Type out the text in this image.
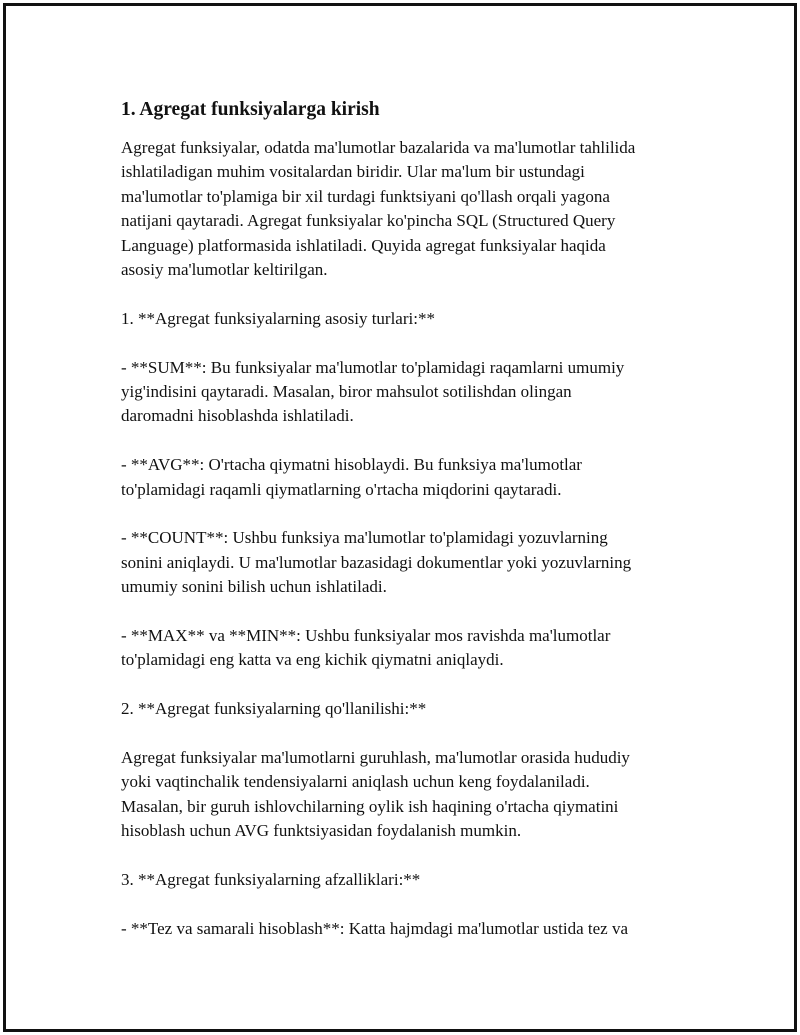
1. Agregat funksiyalarga kirish

Agregat funksiyalar, odatda ma'lumotlar bazalarida va ma'lumotlar tahlilida
ishlatiladigan muhim vositalardan biridir. Ular ma'lum bir ustundagi
ma'lumotlar to'plamiga bir xil turdagi funktsiyani qo'llash orqali yagona
natijani qaytaradi. Agregat funksiyalar ko'pincha SQL (Structured Query
Language) platformasida ishlatiladi. Quyida agregat funksiyalar haqida
asosiy ma'lumotlar keltirilgan.

1. **Agregat funksiyalarning asosiy turlari:**

- **SUM**: Bu funksiyalar ma'lumotlar to'plamidagi raqamlarni umumiy
yig'indisini qaytaradi. Masalan, biror mahsulot sotilishdan olingan
daromadni hisoblashda ishlatiladi.

- **AVG**: O'rtacha qiymatni hisoblaydi. Bu funksiya ma'lumotlar
to'plamidagi raqamli qiymatlarning o'rtacha miqdorini qaytaradi.

- **COUNT**: Ushbu funksiya ma'lumotlar to'plamidagi yozuvlarning
sonini aniqlaydi. U ma'lumotlar bazasidagi dokumentlar yoki yozuvlarning
umumiy sonini bilish uchun ishlatiladi.

- **MAX** va **MIN**: Ushbu funksiyalar mos ravishda ma'lumotlar
to'plamidagi eng katta va eng kichik qiymatni aniqlaydi.

2. **Agregat funksiyalarning qo'llanilishi:**

Agregat funksiyalar ma'lumotlarni guruhlash, ma'lumotlar orasida hududiy
yoki vaqtinchalik tendensiyalarni aniqlash uchun keng foydalaniladi.
Masalan, bir guruh ishlovchilarning oylik ish haqining o'rtacha qiymatini
hisoblash uchun AVG funktsiyasidan foydalanish mumkin.

3. **Agregat funksiyalarning afzalliklari:**

- **Tez va samarali hisoblash**: Katta hajmdagi ma'lumotlar ustida tez va
